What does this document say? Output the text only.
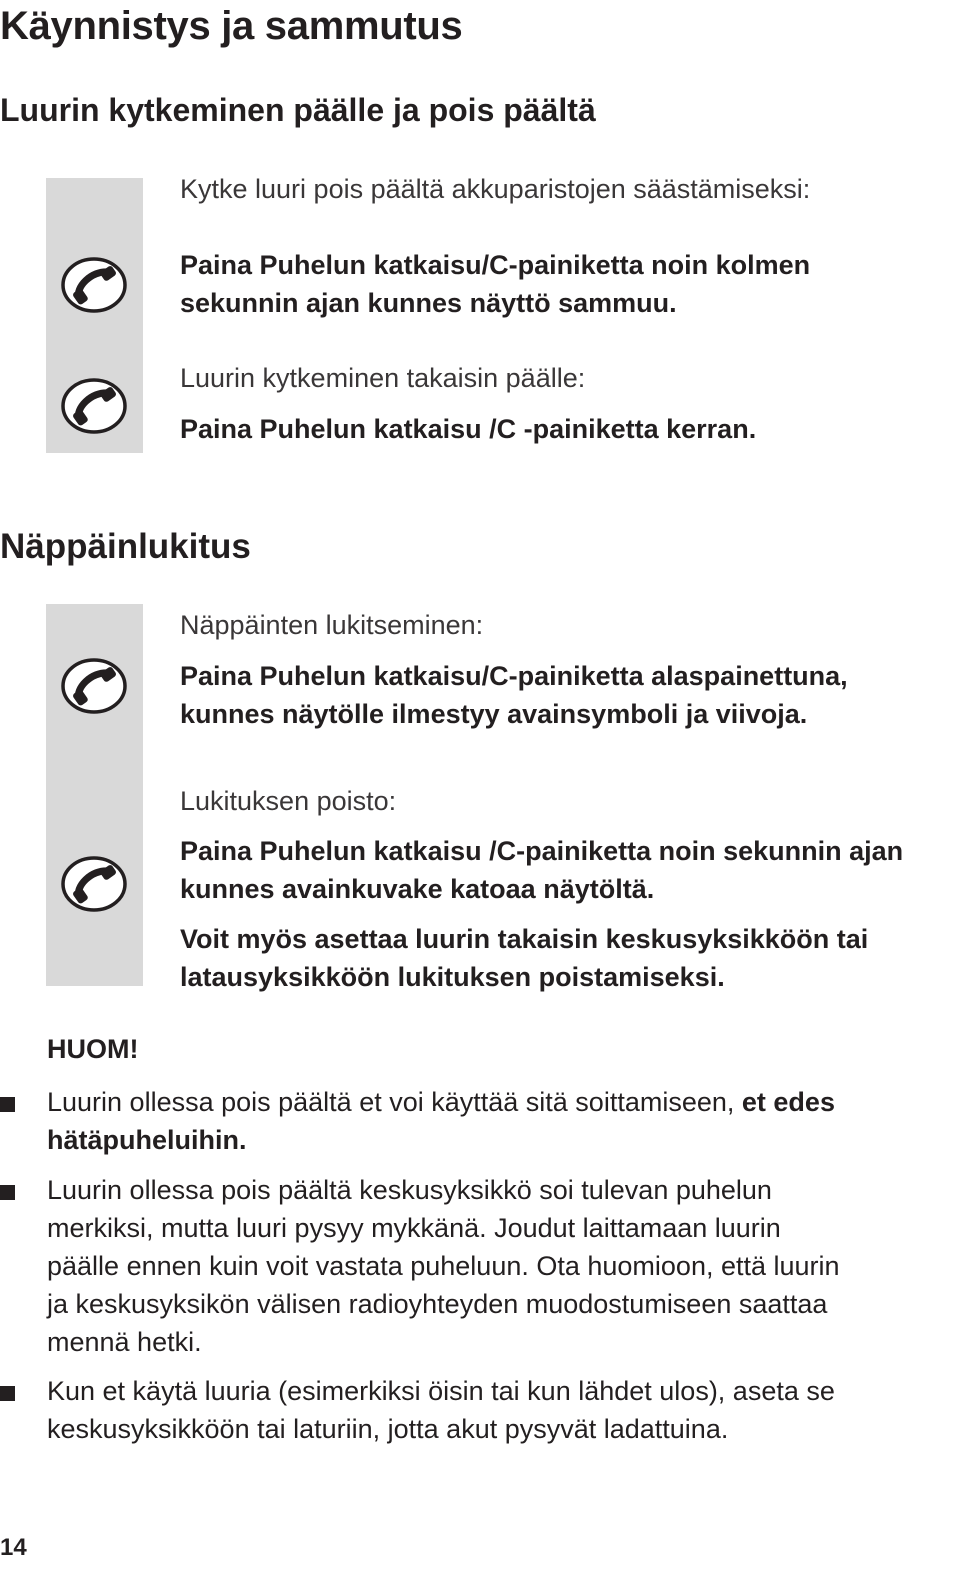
Käynnistys ja sammutus
Luurin kytkeminen päälle ja pois päältä
Kytke luuri pois päältä akkuparistojen säästämiseksi:
Paina Puhelun katkaisu/C-painiketta noin kolmen
sekunnin ajan kunnes näyttö sammuu.
Luurin kytkeminen takaisin päälle:
Paina Puhelun katkaisu /C -painiketta kerran.
Näppäinlukitus
Näppäinten lukitseminen:
Paina Puhelun katkaisu/C-painiketta alaspainettuna,
kunnes näytölle ilmestyy avainsymboli ja viivoja.
Lukituksen poisto:
Paina Puhelun katkaisu /C-painiketta noin sekunnin ajan
kunnes avainkuvake katoaa näytöltä.
Voit myös asettaa luurin takaisin keskusyksikköön tai
latausyksikköön lukituksen poistamiseksi.
HUOM!
Luurin ollessa pois päältä et voi käyttää sitä soittamiseen, et edes
hätäpuheluihin.
Luurin ollessa pois päältä keskusyksikkö soi tulevan puhelun
merkiksi, mutta luuri pysyy mykkänä. Joudut laittamaan luurin
päälle ennen kuin voit vastata puheluun. Ota huomioon, että luurin
ja keskusyksikön välisen radioyhteyden muodostumiseen saattaa
mennä hetki.
Kun et käytä luuria (esimerkiksi öisin tai kun lähdet ulos), aseta se
keskusyksikköön tai laturiin, jotta akut pysyvät ladattuina.
14
